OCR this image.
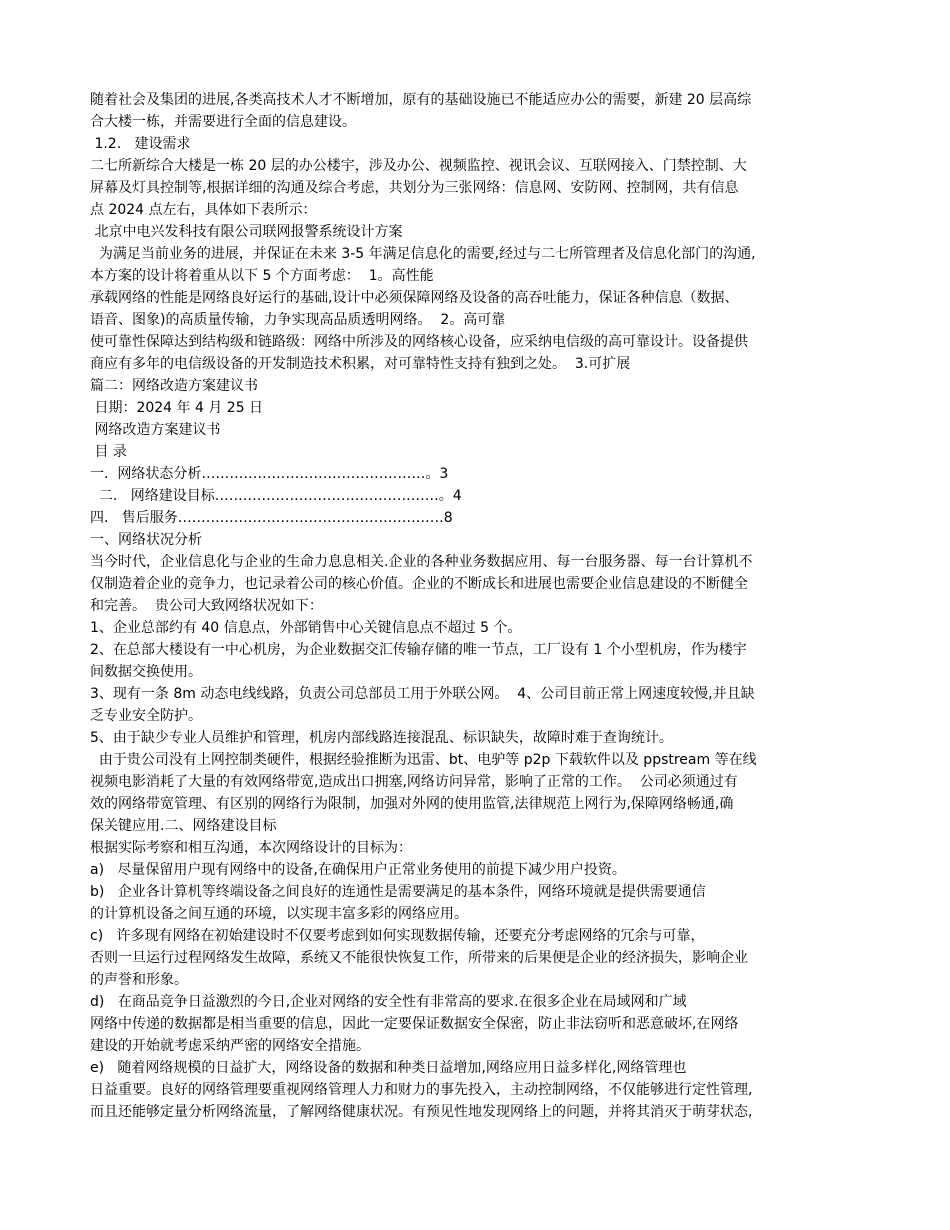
随着社会及集团的进展,各类高技术人才不断增加，原有的基础设施已不能适应办公的需要，新建 20 层高综
合大楼一栋，并需要进行全面的信息建设。
1.2.   建设需求
二七所新综合大楼是一栋 20 层的办公楼宇，涉及办公、视频监控、视讯会议、互联网接入、门禁控制、大
屏幕及灯具控制等,根据详细的沟通及综合考虑，共划分为三张网络：信息网、安防网、控制网，共有信息
点 2024 点左右，具体如下表所示：
北京中电兴发科技有限公司联网报警系统设计方案
为满足当前业务的进展，并保证在未来 3-5 年满足信息化的需要,经过与二七所管理者及信息化部门的沟通,
本方案的设计将着重从以下 5 个方面考虑：  1。高性能
承载网络的性能是网络良好运行的基础,设计中必须保障网络及设备的高吞吐能力，保证各种信息（数据、
语音、图象)的高质量传输，力争实现高品质透明网络。  2。高可靠
使可靠性保障达到结构级和链路级：网络中所涉及的网络核心设备，应采纳电信级的高可靠设计。设备提供
商应有多年的电信级设备的开发制造技术积累，对可靠特性支持有独到之处。  3.可扩展
篇二：网络改造方案建议书
日期：2024 年 4 月 25 日
网络改造方案建议书
目 录
一.  网络状态分析…………………………………………。3
二.   网络建设目标…………………………………………。4
四.   售后服务…………………………………………………8
一、网络状况分析
当今时代，企业信息化与企业的生命力息息相关.企业的各种业务数据应用、每一台服务器、每一台计算机不
仅制造着企业的竞争力，也记录着公司的核心价值。企业的不断成长和进展也需要企业信息建设的不断健全
和完善。  贵公司大致网络状况如下：
1、企业总部约有 40 信息点，外部销售中心关键信息点不超过 5 个。
2、在总部大楼设有一中心机房，为企业数据交汇传输存储的唯一节点，工厂设有 1 个小型机房，作为楼宇
间数据交换使用。
3、现有一条 8m 动态电线线路，负责公司总部员工用于外联公网。  4、公司目前正常上网速度较慢,并且缺
乏专业安全防护。
5、由于缺少专业人员维护和管理，机房内部线路连接混乱、标识缺失，故障时难于查询统计。
由于贵公司没有上网控制类硬件，根据经验推断为迅雷、bt、电驴等 p2p 下载软件以及 ppstream 等在线
视频电影消耗了大量的有效网络带宽,造成出口拥塞,网络访问异常，影响了正常的工作。  公司必须通过有
效的网络带宽管理、有区别的网络行为限制，加强对外网的使用监管,法律规范上网行为,保障网络畅通,确
保关键应用.二、网络建设目标
根据实际考察和相互沟通，本次网络设计的目标为：
a)   尽量保留用户现有网络中的设备,在确保用户正常业务使用的前提下减少用户投资。
b)   企业各计算机等终端设备之间良好的连通性是需要满足的基本条件，网络环境就是提供需要通信
的计算机设备之间互通的环境，以实现丰富多彩的网络应用。
c)   许多现有网络在初始建设时不仅要考虑到如何实现数据传输，还要充分考虑网络的冗余与可靠，
否则一旦运行过程网络发生故障，系统又不能很快恢复工作，所带来的后果便是企业的经济损失，影响企业
的声誉和形象。
d)   在商品竞争日益激烈的今日,企业对网络的安全性有非常高的要求.在很多企业在局域网和广域
网络中传递的数据都是相当重要的信息，因此一定要保证数据安全保密，防止非法窃听和恶意破坏,在网络
建设的开始就考虑采纳严密的网络安全措施。
e)   随着网络规模的日益扩大，网络设备的数据和种类日益增加,网络应用日益多样化,网络管理也
日益重要。良好的网络管理要重视网络管理人力和财力的事先投入，主动控制网络，不仅能够进行定性管理,
而且还能够定量分析网络流量，了解网络健康状况。有预见性地发现网络上的问题，并将其消灭于萌芽状态,
